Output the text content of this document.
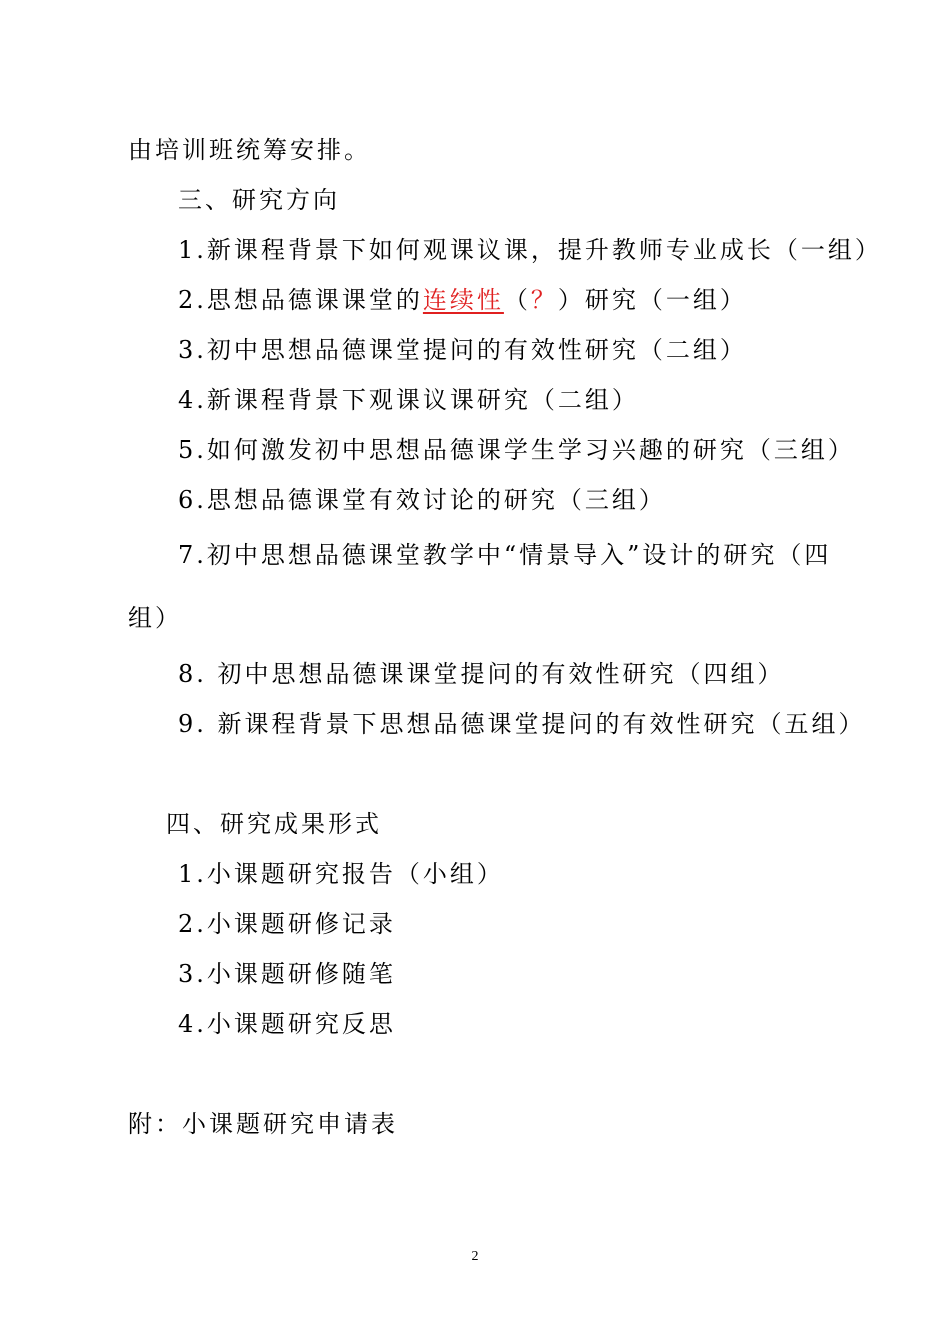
由培训班统筹安排。
三、研究方向
1.新课程背景下如何观课议课，提升教师专业成长（一组）
2.思想品德课课堂的连续性（？）研究（一组）
3.初中思想品德课堂提问的有效性研究（二组）
4.新课程背景下观课议课研究（二组）
5.如何激发初中思想品德课学生学习兴趣的研究（三组）
6.思想品德课堂有效讨论的研究（三组）
7.初中思想品德课堂教学中“情景导入”设计的研究（四
组）
8. 初中思想品德课课堂提问的有效性研究（四组）
9. 新课程背景下思想品德课堂提问的有效性研究（五组）
四、研究成果形式
1.小课题研究报告（小组）
2.小课题研修记录
3.小课题研修随笔
4.小课题研究反思
附：小课题研究申请表
2
